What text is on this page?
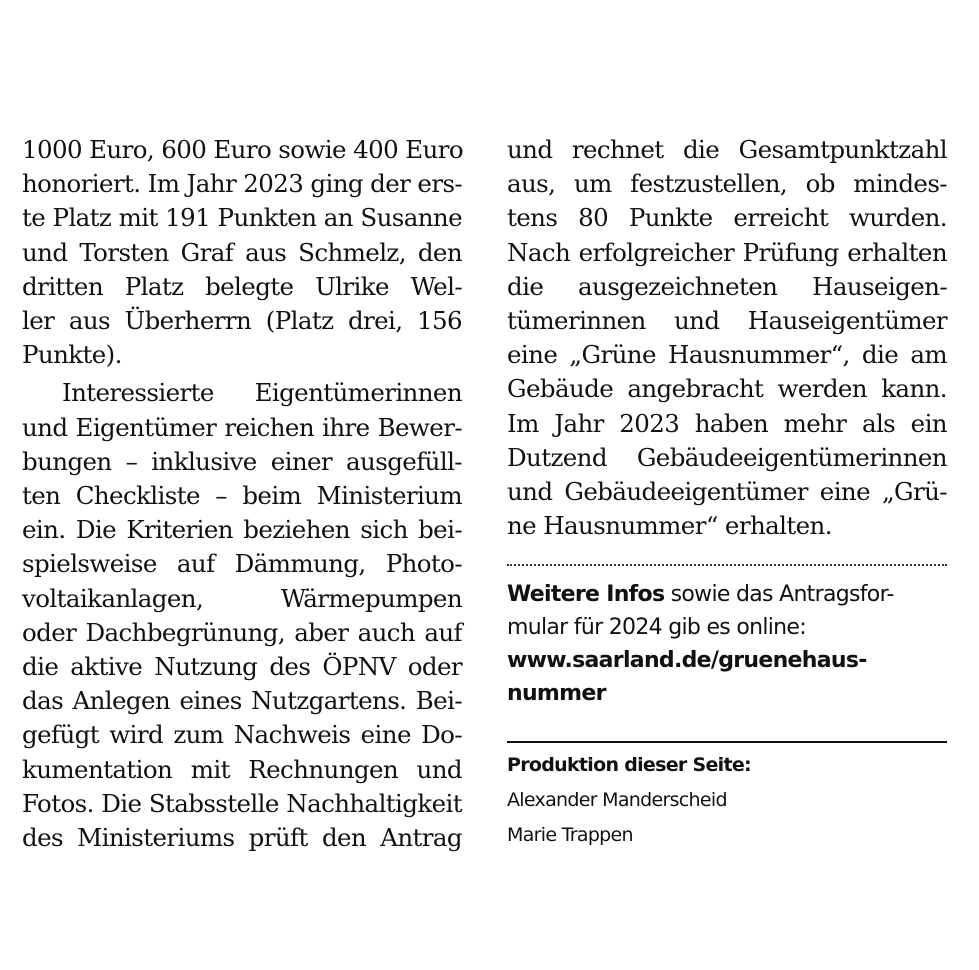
1000 Euro, 600 Euro sowie 400 Euro
honoriert. Im Jahr 2023 ging der ers-
te Platz mit 191 Punkten an Susanne
und Torsten Graf aus Schmelz, den
dritten Platz belegte Ulrike Wel-
ler aus Überherrn (Platz drei, 156
Punkte).
Interessierte Eigentümerinnen
und Eigentümer reichen ihre Bewer-
bungen – inklusive einer ausgefüll-
ten Checkliste – beim Ministerium
ein. Die Kriterien beziehen sich bei-
spielsweise auf Dämmung, Photo-
voltaikanlagen, Wärmepumpen
oder Dachbegrünung, aber auch auf
die aktive Nutzung des ÖPNV oder
das Anlegen eines Nutzgartens. Bei-
gefügt wird zum Nachweis eine Do-
kumentation mit Rechnungen und
Fotos. Die Stabsstelle Nachhaltigkeit
des Ministeriums prüft den Antrag
und rechnet die Gesamtpunktzahl
aus, um festzustellen, ob mindes-
tens 80 Punkte erreicht wurden.
Nach erfolgreicher Prüfung erhalten
die ausgezeichneten Hauseigen-
tümerinnen und Hauseigentümer
eine „Grüne Hausnummer“, die am
Gebäude angebracht werden kann.
Im Jahr 2023 haben mehr als ein
Dutzend Gebäudeeigentümerinnen
und Gebäudeeigentümer eine „Grü-
ne Hausnummer“ erhalten.
Weitere Infos sowie das Antragsfor-
mular für 2024 gib es online:
www.saarland.de/gruenehaus-
nummer
Produktion dieser Seite:
Alexander Manderscheid
Marie Trappen
